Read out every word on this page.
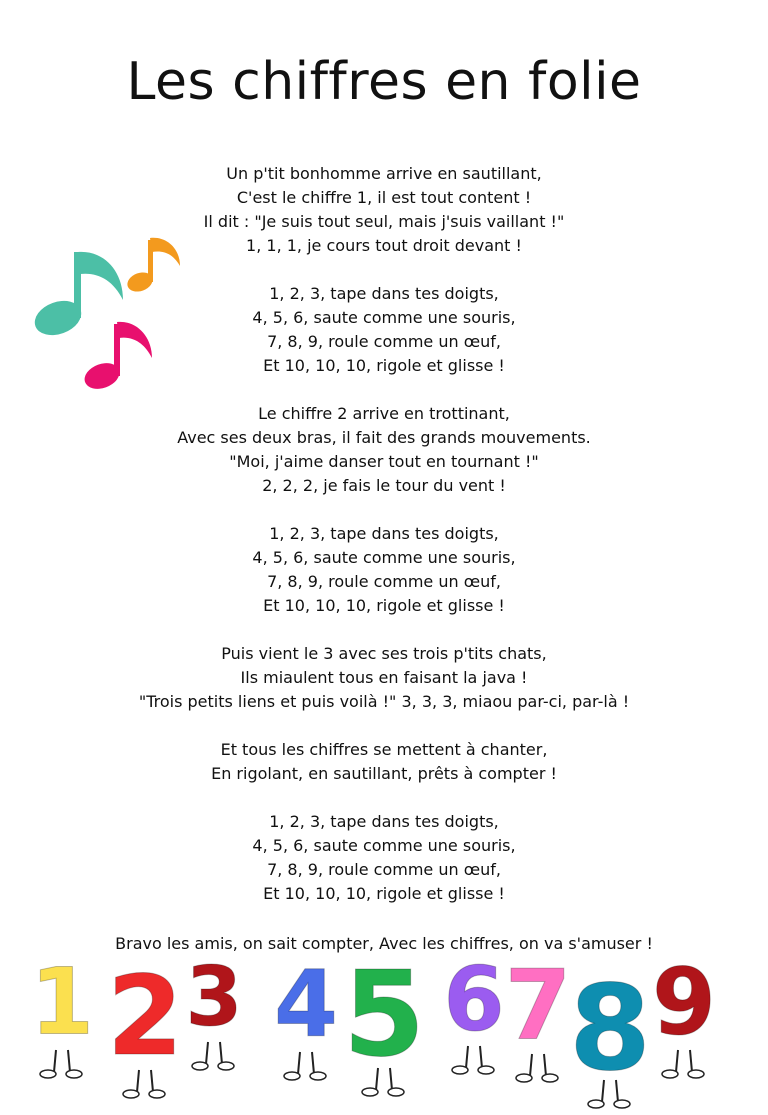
Les chiffres en folie
Un p'tit bonhomme arrive en sautillant,
C'est le chiffre 1, il est tout content !
Il dit : "Je suis tout seul, mais j'suis vaillant !"
1, 1, 1, je cours tout droit devant !
1, 2, 3, tape dans tes doigts,
4, 5, 6, saute comme une souris,
7, 8, 9, roule comme un œuf,
Et 10, 10, 10, rigole et glisse !
Le chiffre 2 arrive en trottinant,
Avec ses deux bras, il fait des grands mouvements.
"Moi, j'aime danser tout en tournant !"
2, 2, 2, je fais le tour du vent !
1, 2, 3, tape dans tes doigts,
4, 5, 6, saute comme une souris,
7, 8, 9, roule comme un œuf,
Et 10, 10, 10, rigole et glisse !
Puis vient le 3 avec ses trois p'tits chats,
Ils miaulent tous en faisant la java !
"Trois petits liens et puis voilà !" 3, 3, 3, miaou par-ci, par-là !
Et tous les chiffres se mettent à chanter,
En rigolant, en sautillant, prêts à compter !
1, 2, 3, tape dans tes doigts,
4, 5, 6, saute comme une souris,
7, 8, 9, roule comme un œuf,
Et 10, 10, 10, rigole et glisse !
Bravo les amis, on sait compter, Avec les chiffres, on va s'amuser !
1 2 3 4 5 6 7
8 9
